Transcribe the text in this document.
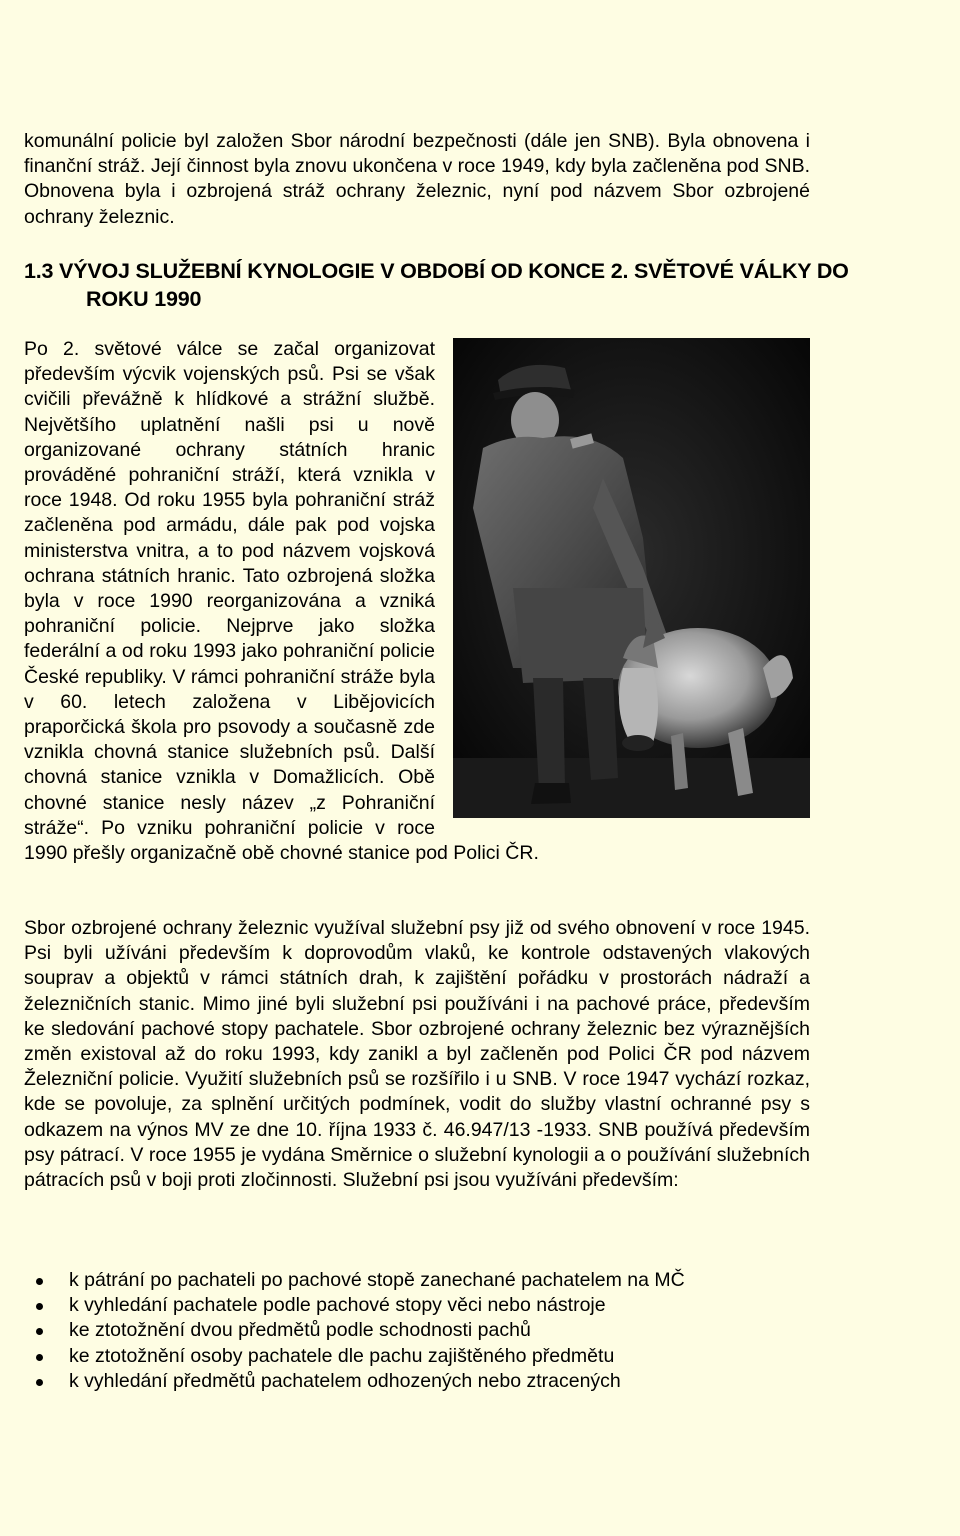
komunální policie byl založen Sbor národní bezpečnosti (dále jen SNB). Byla obnovena i finanční stráž. Její činnost byla znovu ukončena v roce 1949, kdy byla začleněna pod SNB. Obnovena byla i ozbrojená stráž ochrany železnic, nyní pod názvem Sbor ozbrojené ochrany železnic.

1.3 VÝVOJ SLUŽEBNÍ KYNOLOGIE V OBDOBÍ OD KONCE 2. SVĚTOVÉ VÁLKY DO ROKU 1990

Po 2. světové válce se začal organizovat především výcvik vojenských psů. Psi se však cvičili převážně k hlídkové a strážní službě. Největšího uplatnění našli psi u nově organizované ochrany státních hranic prováděné pohraniční stráží, která vznikla v roce 1948. Od roku 1955 byla pohraniční stráž začleněna pod armádu, dále pak pod vojska ministerstva vnitra, a to pod názvem vojsková ochrana státních hranic. Tato ozbrojená složka byla v roce 1990 reorganizována a vzniká pohraniční policie. Nejprve jako složka federální a od roku 1993 jako pohraniční policie České republiky. V rámci pohraniční stráže byla v 60. letech založena v Libějovicích praporčická škola pro psovody a současně zde vznikla chovná stanice služebních psů. Další chovná stanice vznikla v Domažlicích. Obě chovné stanice nesly název „z Pohraniční stráže“. Po vzniku pohraniční policie v roce 1990 přešly organizačně obě chovné stanice pod Polici ČR.

Sbor ozbrojené ochrany železnic využíval služební psy již od svého obnovení v roce 1945. Psi byli užíváni především k doprovodům vlaků, ke kontrole odstavených vlakových souprav a objektů v rámci státních drah, k zajištění pořádku v prostorách nádraží a železničních stanic. Mimo jiné byli služební psi používáni i na pachové práce, především ke sledování pachové stopy pachatele. Sbor ozbrojené ochrany železnic bez výraznějších změn existoval až do roku 1993, kdy zanikl a byl začleněn pod Polici ČR pod názvem Železniční policie. Využití služebních psů se rozšířilo i u SNB. V roce 1947 vychází rozkaz, kde se povoluje, za splnění určitých podmínek, vodit do služby vlastní ochranné psy s odkazem na výnos MV ze dne 10. října 1933 č. 46.947/13 -1933. SNB používá především psy pátrací. V roce 1955 je vydána Směrnice o služební kynologii a o používání služebních pátracích psů v boji proti zločinnosti. Služební psi jsou využíváni především:

k pátrání po pachateli po pachové stopě zanechané pachatelem na MČ
k vyhledání pachatele podle pachové stopy věci nebo nástroje
ke ztotožnění dvou předmětů podle schodnosti pachů
ke ztotožnění osoby pachatele dle pachu zajištěného předmětu
k vyhledání předmětů pachatelem odhozených nebo ztracených
